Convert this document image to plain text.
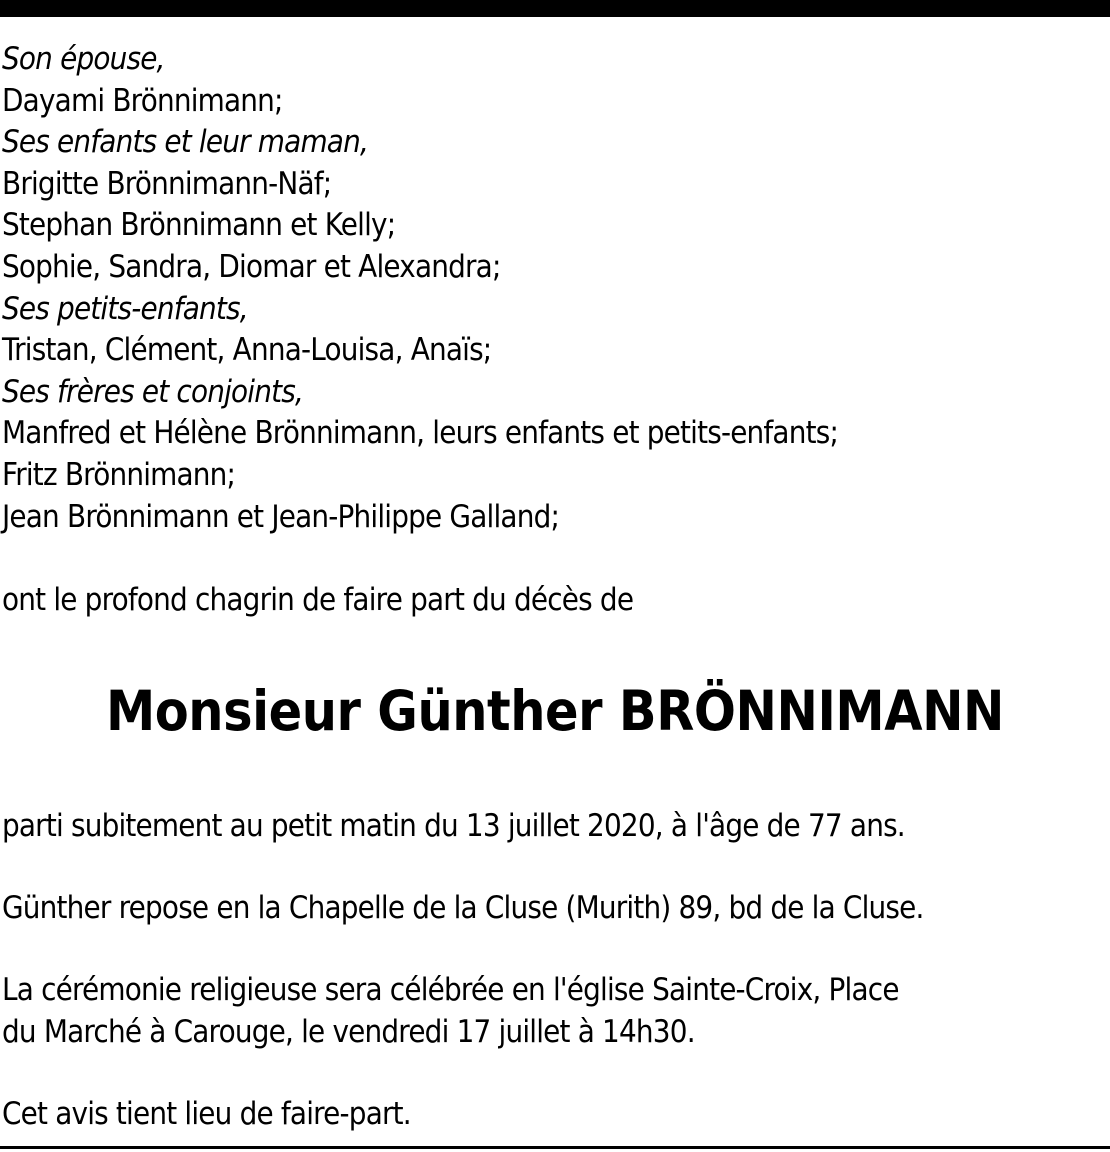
Son épouse,
Dayami Brönnimann;
Ses enfants et leur maman,
Brigitte Brönnimann-Näf;
Stephan Brönnimann et Kelly;
Sophie, Sandra, Diomar et Alexandra;
Ses petits-enfants,
Tristan, Clément, Anna-Louisa, Anaïs;
Ses frères et conjoints,
Manfred et Hélène Brönnimann, leurs enfants et petits-enfants;
Fritz Brönnimann;
Jean Brönnimann et Jean-Philippe Galland;
ont le profond chagrin de faire part du décès de
Monsieur Günther BRÖNNIMANN
parti subitement au petit matin du 13 juillet 2020, à l'âge de 77 ans.
Günther repose en la Chapelle de la Cluse (Murith) 89, bd de la Cluse.
La cérémonie religieuse sera célébrée en l'église Sainte-Croix, Place
du Marché à Carouge, le vendredi 17 juillet à 14h30.
Cet avis tient lieu de faire-part.
